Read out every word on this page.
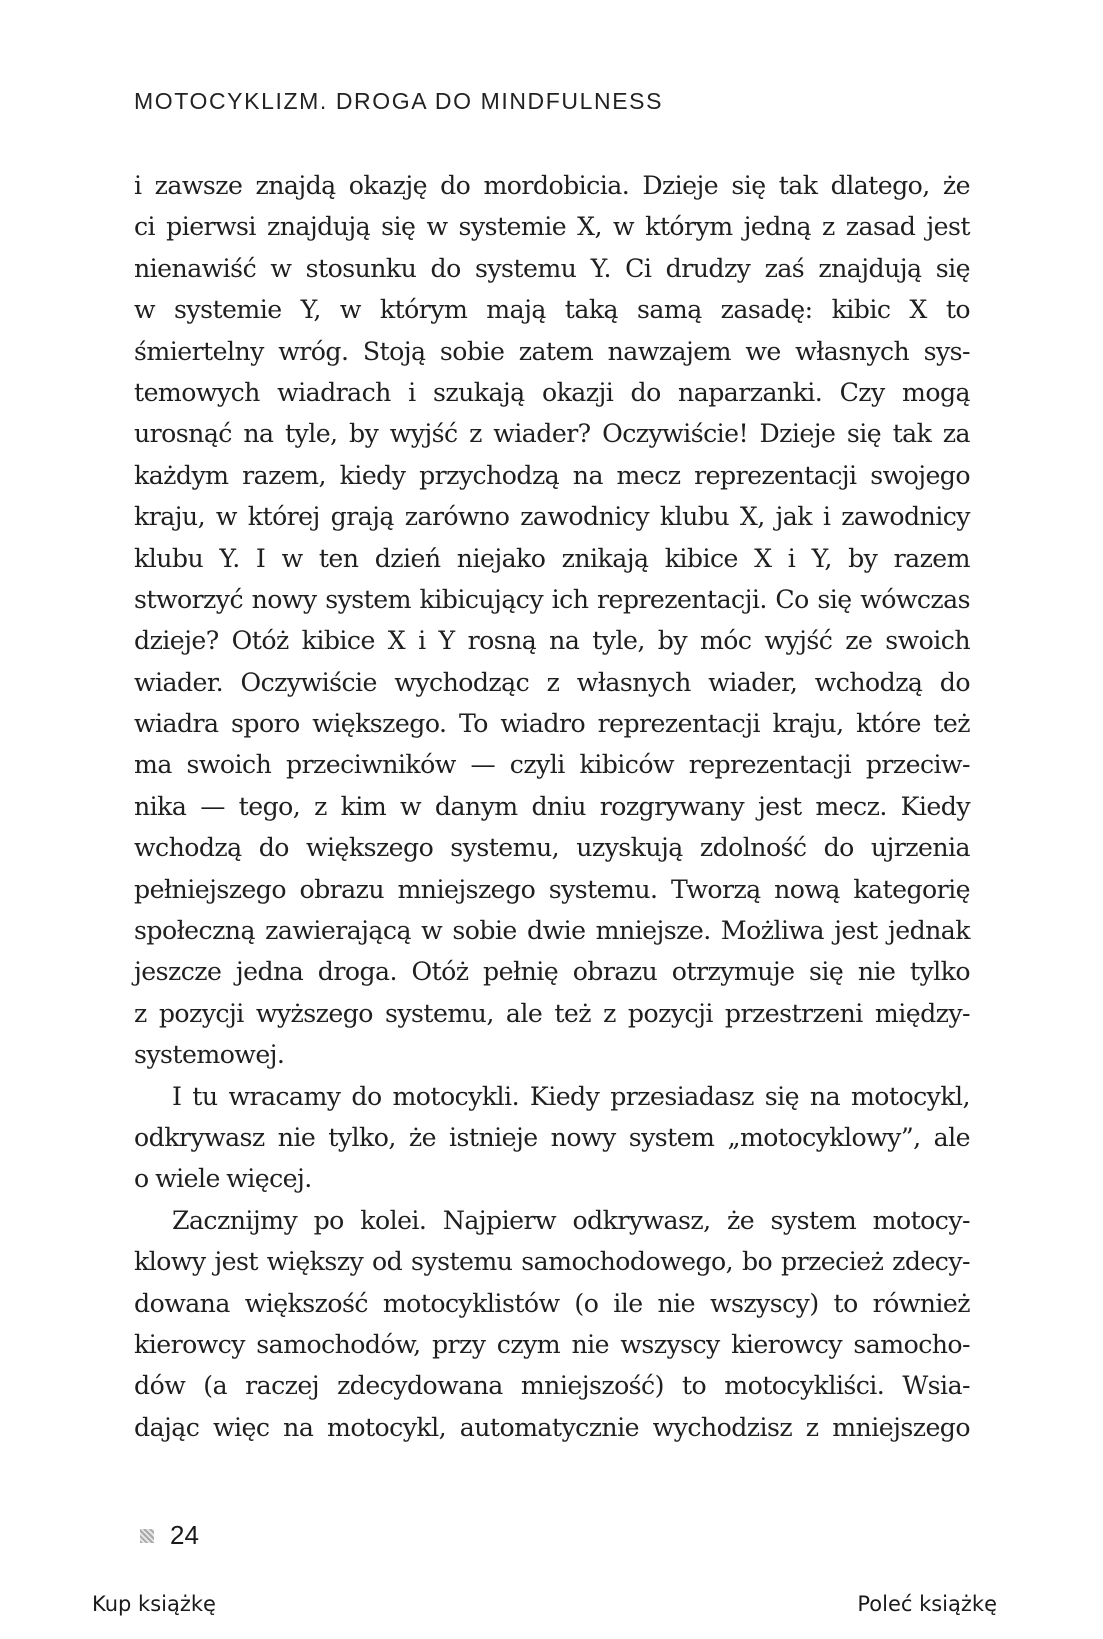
MOTOCYKLIZM. DROGA DO MINDFULNESS
i zawsze znajdą okazję do mordobicia. Dzieje się tak dlatego, że
ci pierwsi znajdują się w systemie X, w którym jedną z zasad jest
nienawiść w stosunku do systemu Y. Ci drudzy zaś znajdują się
w systemie Y, w którym mają taką samą zasadę: kibic X to
śmiertelny wróg. Stoją sobie zatem nawzajem we własnych sys-
temowych wiadrach i szukają okazji do naparzanki. Czy mogą
urosnąć na tyle, by wyjść z wiader? Oczywiście! Dzieje się tak za
każdym razem, kiedy przychodzą na mecz reprezentacji swojego
kraju, w której grają zarówno zawodnicy klubu X, jak i zawodnicy
klubu Y. I w ten dzień niejako znikają kibice X i Y, by razem
stworzyć nowy system kibicujący ich reprezentacji. Co się wówczas
dzieje? Otóż kibice X i Y rosną na tyle, by móc wyjść ze swoich
wiader. Oczywiście wychodząc z własnych wiader, wchodzą do
wiadra sporo większego. To wiadro reprezentacji kraju, które też
ma swoich przeciwników — czyli kibiców reprezentacji przeciw-
nika — tego, z kim w danym dniu rozgrywany jest mecz. Kiedy
wchodzą do większego systemu, uzyskują zdolność do ujrzenia
pełniejszego obrazu mniejszego systemu. Tworzą nową kategorię
społeczną zawierającą w sobie dwie mniejsze. Możliwa jest jednak
jeszcze jedna droga. Otóż pełnię obrazu otrzymuje się nie tylko
z pozycji wyższego systemu, ale też z pozycji przestrzeni między-
systemowej.
I tu wracamy do motocykli. Kiedy przesiadasz się na motocykl,
odkrywasz nie tylko, że istnieje nowy system „motocyklowy”, ale
o wiele więcej.
Zacznijmy po kolei. Najpierw odkrywasz, że system motocy-
klowy jest większy od systemu samochodowego, bo przecież zdecy-
dowana większość motocyklistów (o ile nie wszyscy) to również
kierowcy samochodów, przy czym nie wszyscy kierowcy samocho-
dów (a raczej zdecydowana mniejszość) to motocykliści. Wsia-
dając więc na motocykl, automatycznie wychodzisz z mniejszego
24
Kup książkę	Poleć książkę
